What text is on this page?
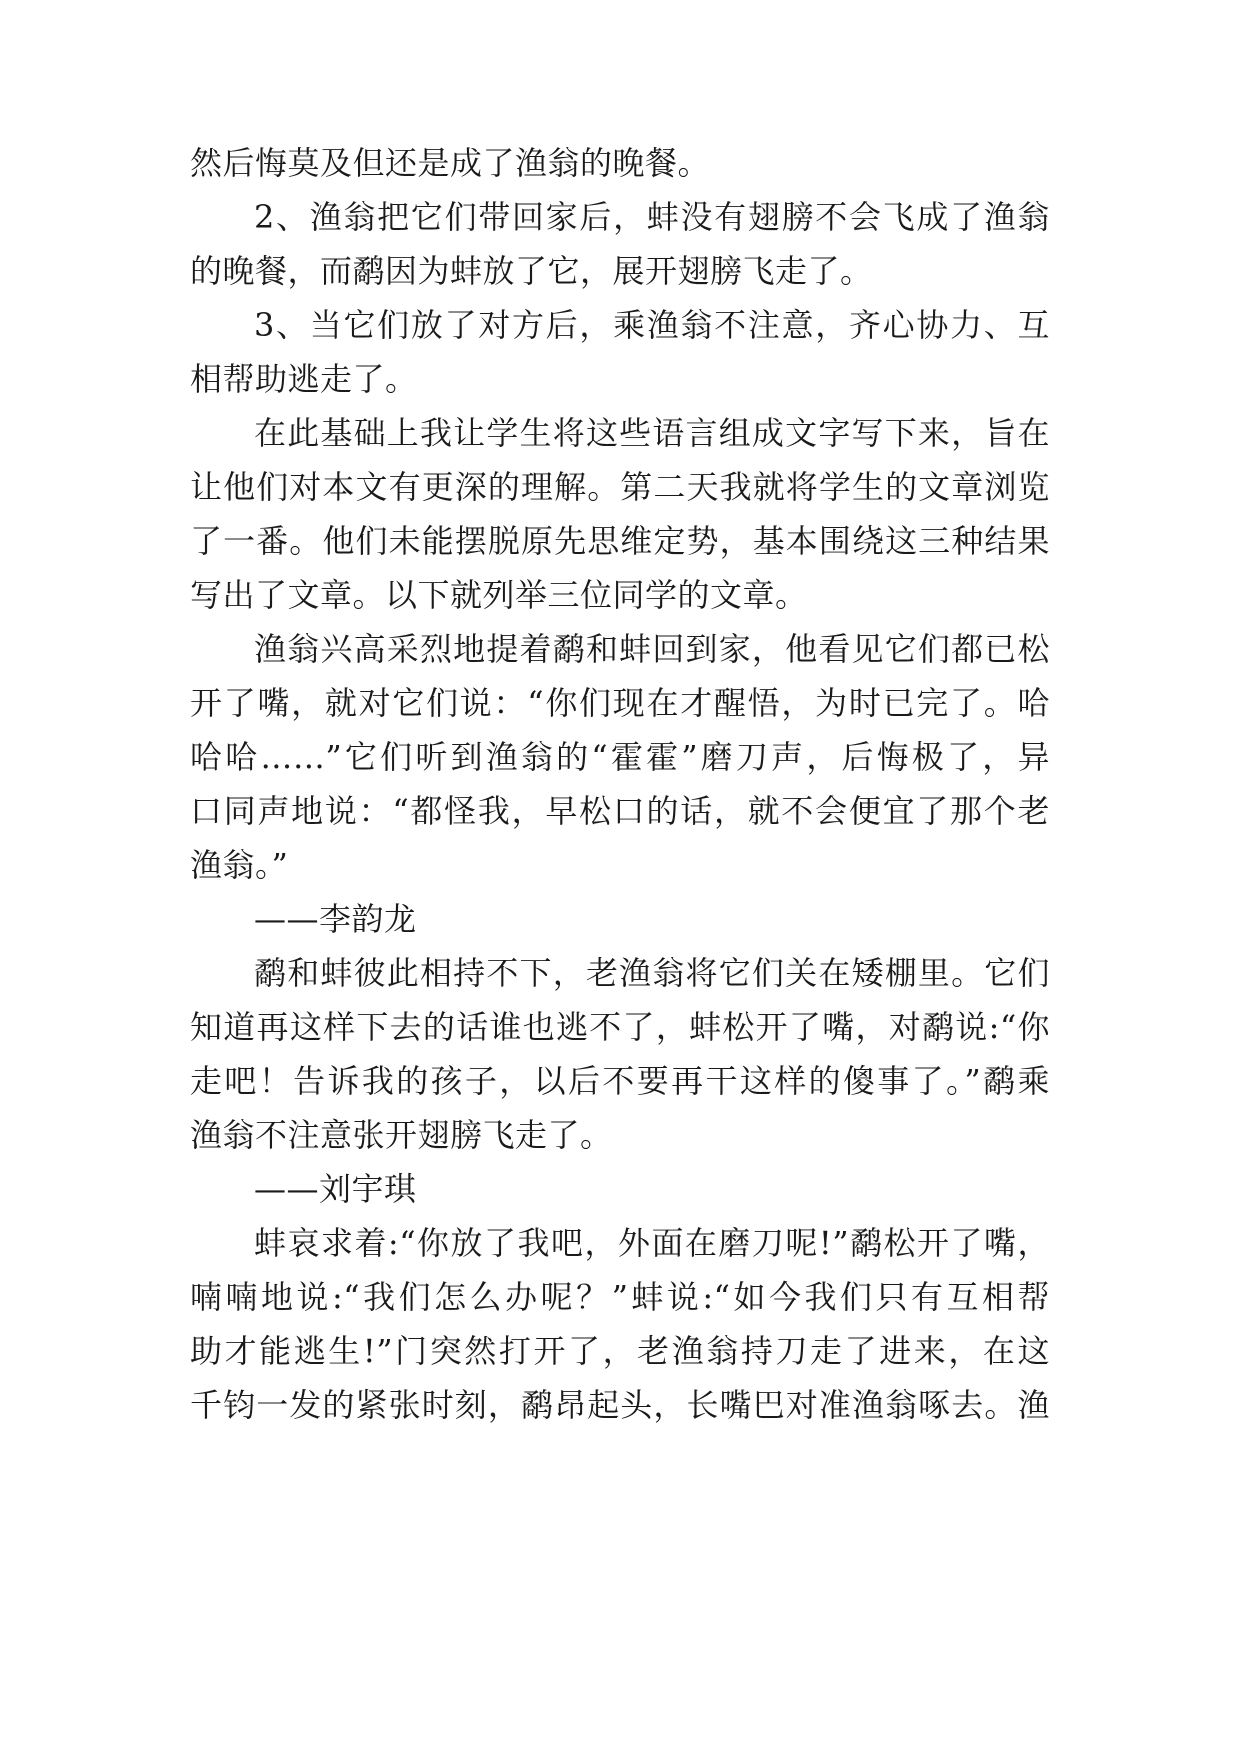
然后悔莫及但还是成了渔翁的晚餐。
2、渔翁把它们带回家后，蚌没有翅膀不会飞成了渔翁
的晚餐，而鹬因为蚌放了它，展开翅膀飞走了。
3、当它们放了对方后，乘渔翁不注意，齐心协力、互
相帮助逃走了。
在此基础上我让学生将这些语言组成文字写下来，旨在
让他们对本文有更深的理解。第二天我就将学生的文章浏览
了一番。他们未能摆脱原先思维定势，基本围绕这三种结果
写出了文章。以下就列举三位同学的文章。
渔翁兴高采烈地提着鹬和蚌回到家，他看见它们都已松
开了嘴，就对它们说：“你们现在才醒悟，为时已完了。哈
哈哈……”它们听到渔翁的“霍霍”磨刀声，后悔极了，异
口同声地说：“都怪我，早松口的话，就不会便宜了那个老
渔翁。”
——李韵龙
鹬和蚌彼此相持不下，老渔翁将它们关在矮棚里。它们
知道再这样下去的话谁也逃不了，蚌松开了嘴，对鹬说:“你
走吧！告诉我的孩子，以后不要再干这样的傻事了。”鹬乘
渔翁不注意张开翅膀飞走了。
——刘宇琪
蚌哀求着:“你放了我吧，外面在磨刀呢!”鹬松开了嘴，
喃喃地说:“我们怎么办呢？”蚌说:“如今我们只有互相帮
助才能逃生!”门突然打开了，老渔翁持刀走了进来，在这
千钧一发的紧张时刻，鹬昂起头，长嘴巴对准渔翁啄去。渔
